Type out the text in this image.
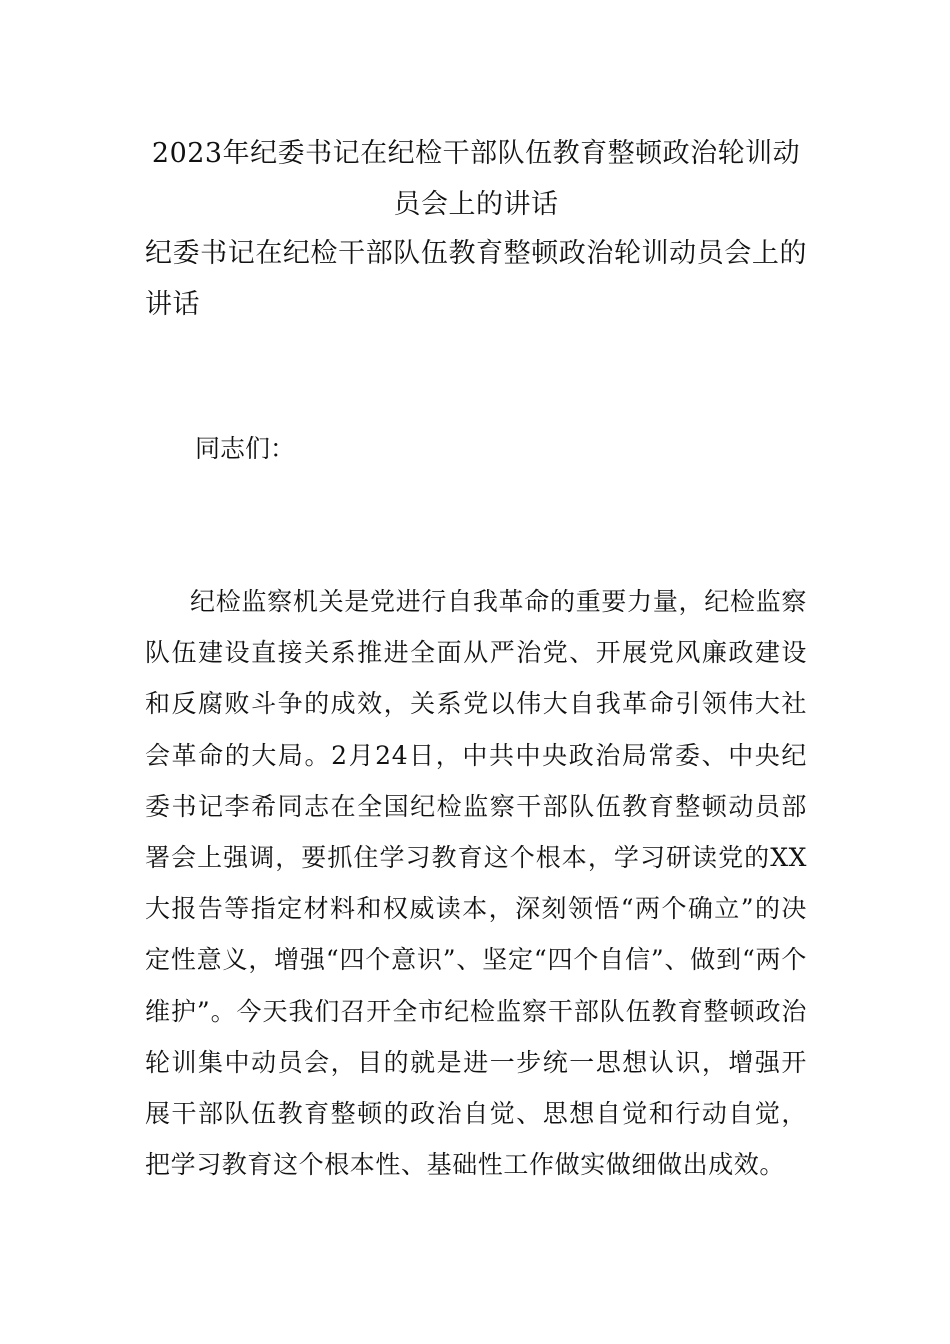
2023年纪委书记在纪检干部队伍教育整顿政治轮训动员会上的讲话
纪委书记在纪检干部队伍教育整顿政治轮训动员会上的讲话
同志们：
纪检监察机关是党进行自我革命的重要力量，纪检监察队伍建设直接关系推进全面从严治党、开展党风廉政建设和反腐败斗争的成效，关系党以伟大自我革命引领伟大社会革命的大局。2月24日，中共中央政治局常委、中央纪委书记李希同志在全国纪检监察干部队伍教育整顿动员部署会上强调，要抓住学习教育这个根本，学习研读党的XX大报告等指定材料和权威读本，深刻领悟“两个确立”的决定性意义，增强“四个意识”、坚定“四个自信”、做到“两个维护”。今天我们召开全市纪检监察干部队伍教育整顿政治轮训集中动员会，目的就是进一步统一思想认识，增强开展干部队伍教育整顿的政治自觉、思想自觉和行动自觉，把学习教育这个根本性、基础性工作做实做细做出成效。
